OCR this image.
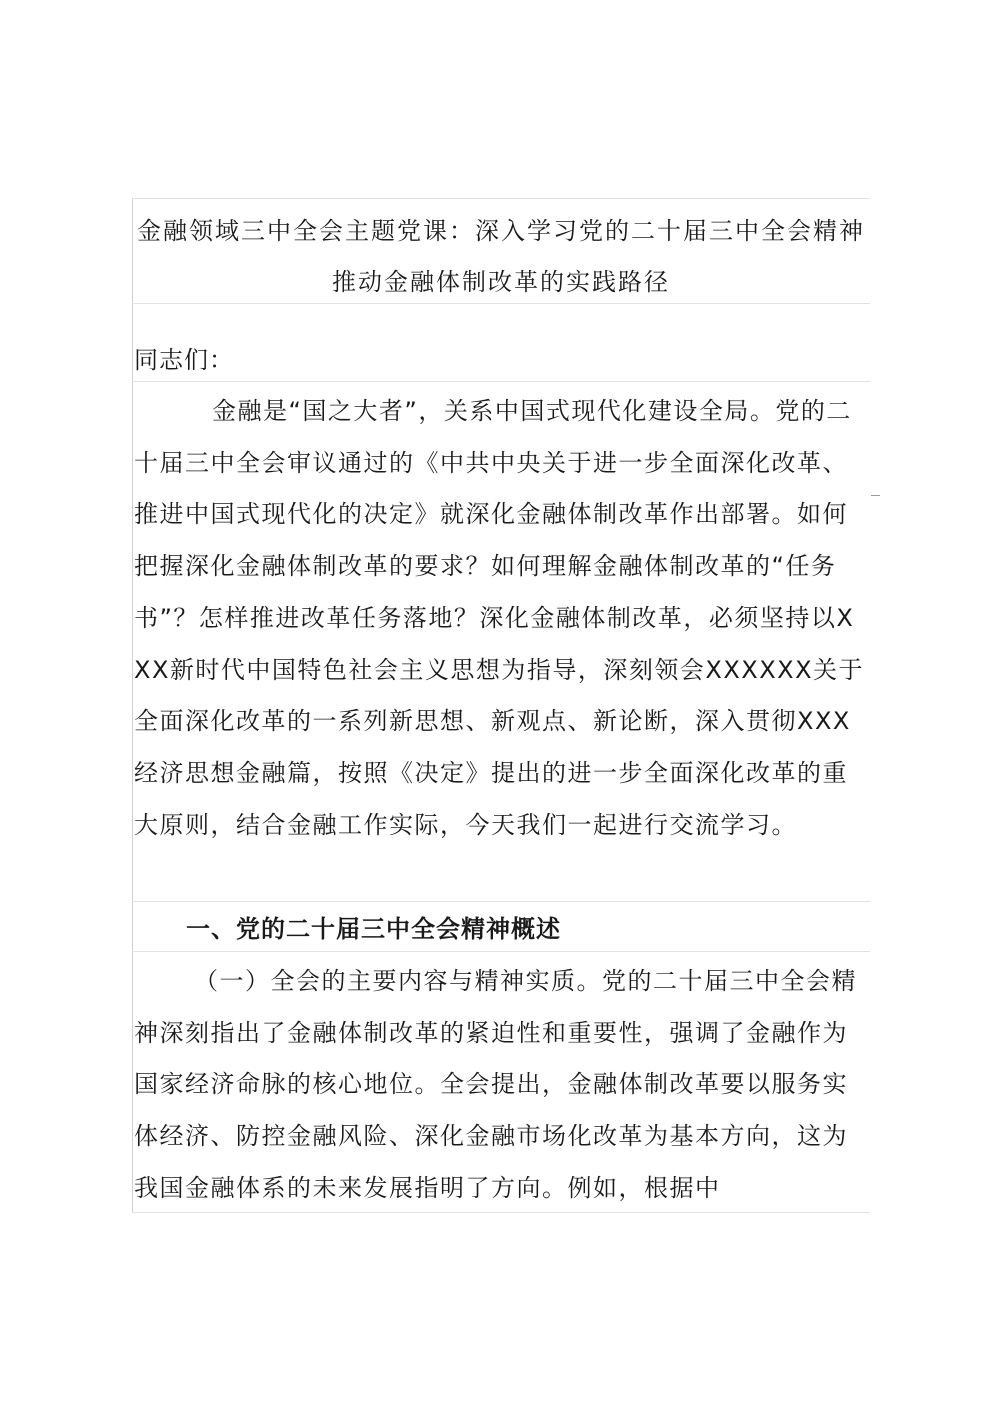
金融领域三中全会主题党课：深入学习党的二十届三中全会精神推动金融体制改革的实践路径

同志们：

金融是“国之大者”，关系中国式现代化建设全局。党的二十届三中全会审议通过的《中共中央关于进一步全面深化改革、推进中国式现代化的决定》就深化金融体制改革作出部署。如何把握深化金融体制改革的要求？如何理解金融体制改革的“任务书”？怎样推进改革任务落地？深化金融体制改革，必须坚持以XXX新时代中国特色社会主义思想为指导，深刻领会XXXXXX关于全面深化改革的一系列新思想、新观点、新论断，深入贯彻XXX经济思想金融篇，按照《决定》提出的进一步全面深化改革的重大原则，结合金融工作实际，今天我们一起进行交流学习。

一、党的二十届三中全会精神概述

（一）全会的主要内容与精神实质。党的二十届三中全会精神深刻指出了金融体制改革的紧迫性和重要性，强调了金融作为国家经济命脉的核心地位。全会提出，金融体制改革要以服务实体经济、防控金融风险、深化金融市场化改革为基本方向，这为我国金融体系的未来发展指明了方向。例如，根据中
